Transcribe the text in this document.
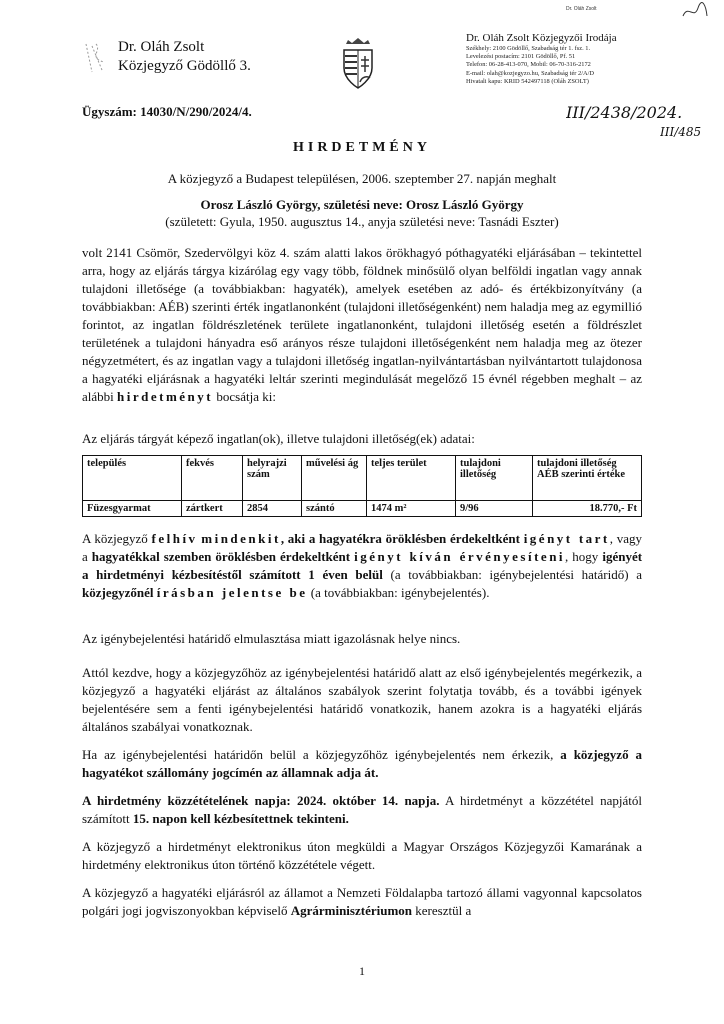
Dr. Oláh Zsolt
Dr. Oláh Zsolt
Közjegyző Gödöllő 3.
Dr. Oláh Zsolt Közjegyzői Irodája
Székhely: 2100 Gödöllő, Szabadság tér 1. fsz. 1.
Levelezési postacím: 2101 Gödöllő, Pf. 51
Telefon: 06-28-413-070, Mobil: 06-70-316-2172
E-mail: olah@kozjegyzo.hu, Szabadság tér 2/A/D
Hivatali kapu: KRID 542497118 (Oláh ZSOLT)
III/2438/2024.
III/485
Ügyszám: 14030/N/290/2024/4.
HIRDETMÉNY
A közjegyző a Budapest településen, 2006. szeptember 27. napján meghalt
Orosz László György, születési neve: Orosz László György
(született: Gyula, 1950. augusztus 14., anyja születési neve: Tasnádi Eszter)
volt 2141 Csömör, Szedervölgyi köz 4. szám alatti lakos örökhagyó póthagyatéki eljárásában – tekintettel arra, hogy az eljárás tárgya kizárólag egy vagy több, földnek minősülő olyan belföldi ingatlan vagy annak tulajdoni illetősége (a továbbiakban: hagyaték), amelyek esetében az adó- és értékbizonyítvány (a továbbiakban: AÉB) szerinti érték ingatlanonként (tulajdoni illetőségenként) nem haladja meg az egymillió forintot, az ingatlan földrészletének területe ingatlanonként, tulajdoni illetőség esetén a földrészlet területének a tulajdoni hányadra eső arányos része tulajdoni illetőségenként nem haladja meg az ötezer négyzetmétert, és az ingatlan vagy a tulajdoni illetőség ingatlan-nyilvántartásban nyilvántartott tulajdonosa a hagyatéki eljárásnak a hagyatéki leltár szerinti megindulását megelőző 15 évnél régebben meghalt – az alábbi hirdetményt bocsátja ki:
Az eljárás tárgyát képező ingatlan(ok), illetve tulajdoni illetőség(ek) adatai:
település	fekvés	helyrajzi szám	művelési ág	teljes terület	tulajdoni illetőség	tulajdoni illetőség AÉB szerinti értéke
Füzesgyarmat	zártkert	2854	szántó	1474 m²	9/96	18.770,- Ft
A közjegyző felhív mindenkit, aki a hagyatékra öröklésben érdekeltként igényt tart, vagy a hagyatékkal szemben öröklésben érdekeltként igényt kíván érvényesíteni, hogy igényét a hirdetményi kézbesítéstől számított 1 éven belül (a továbbiakban: igénybejelentési határidő) a közjegyzőnél írásban jelentse be (a továbbiakban: igénybejelentés).
Az igénybejelentési határidő elmulasztása miatt igazolásnak helye nincs.
Attól kezdve, hogy a közjegyzőhöz az igénybejelentési határidő alatt az első igénybejelentés megérkezik, a közjegyző a hagyatéki eljárást az általános szabályok szerint folytatja tovább, és a további igények bejelentésére sem a fenti igénybejelentési határidő vonatkozik, hanem azokra is a hagyatéki eljárás általános szabályai vonatkoznak.
Ha az igénybejelentési határidőn belül a közjegyzőhöz igénybejelentés nem érkezik, a közjegyző a hagyatékot szállomány jogcímén az államnak adja át.
A hirdetmény közzétételének napja: 2024. október 14. napja. A hirdetményt a közzététel napjától számított 15. napon kell kézbesítettnek tekinteni.
A közjegyző a hirdetményt elektronikus úton megküldi a Magyar Országos Közjegyzői Kamarának a hirdetmény elektronikus úton történő közzététele végett.
A közjegyző a hagyatéki eljárásról az államot a Nemzeti Földalapba tartozó állami vagyonnal kapcsolatos polgári jogi jogviszonyokban képviselő Agrárminisztériumon keresztül a
1
